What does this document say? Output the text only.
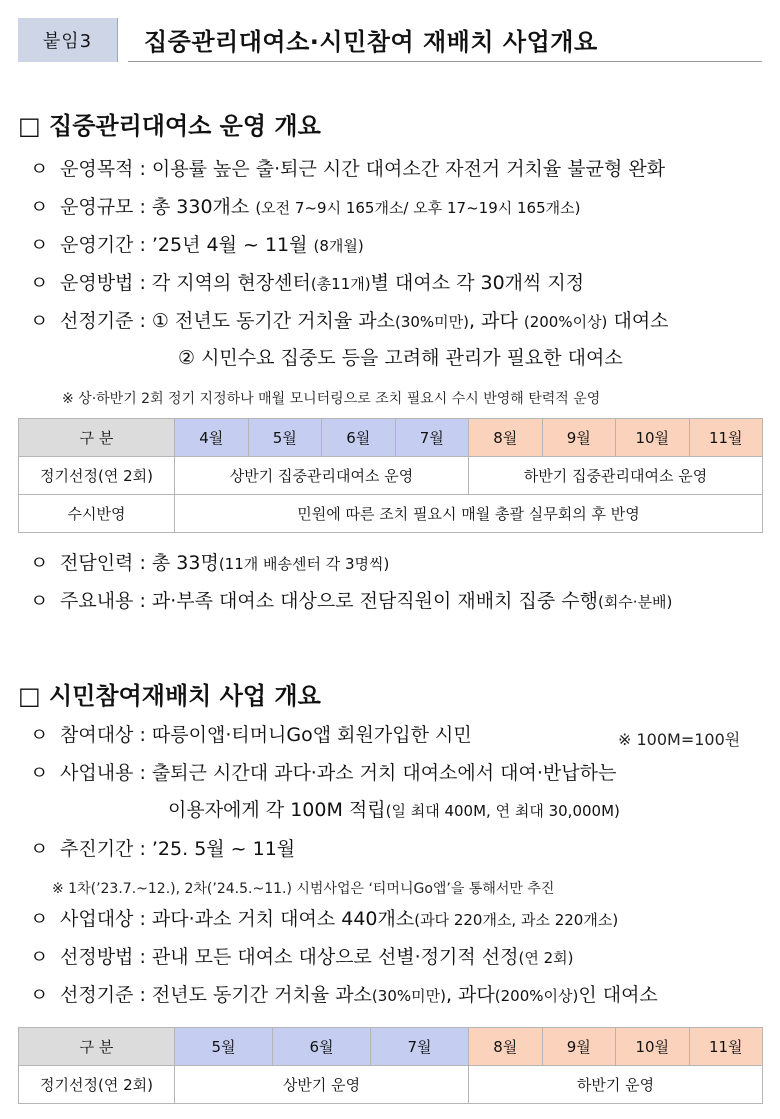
붙임3	집중관리대여소·시민참여 재배치 사업개요
□ 집중관리대여소 운영 개요
ㅇ 운영목적 : 이용률 높은 출·퇴근 시간 대여소간 자전거 거치율 불균형 완화
ㅇ 운영규모 : 총 330개소 (오전 7~9시 165개소/ 오후 17~19시 165개소)
ㅇ 운영기간 : ’25년 4월 ~ 11월 (8개월)
ㅇ 운영방법 : 각 지역의 현장센터(총11개)별 대여소 각 30개씩 지정
ㅇ 선정기준 : ① 전년도 동기간 거치율 과소(30%미만), 과다 (200%이상) 대여소
② 시민수요 집중도 등을 고려해 관리가 필요한 대여소
※ 상·하반기 2회 정기 지정하나 매월 모니터링으로 조치 필요시 수시 반영해 탄력적 운영
구 분	4월	5월	6월	7월	8월	9월	10월	11월
정기선정(연 2회)	상반기 집중관리대여소 운영				하반기 집중관리대여소 운영			
수시반영	민원에 따른 조치 필요시 매월 총괄 실무회의 후 반영							
ㅇ 전담인력 : 총 33명(11개 배송센터 각 3명씩)
ㅇ 주요내용 : 과·부족 대여소 대상으로 전담직원이 재배치 집중 수행(회수·분배)
□ 시민참여재배치 사업 개요
ㅇ 참여대상 : 따릉이앱·티머니Go앱 회원가입한 시민	※ 100M=100원
ㅇ 사업내용 : 출퇴근 시간대 과다·과소 거치 대여소에서 대여·반납하는
이용자에게 각 100M 적립(일 최대 400M, 연 최대 30,000M)
ㅇ 추진기간 : ’25. 5월 ~ 11월
※ 1차(’23.7.~12.), 2차(’24.5.~11.) 시범사업은 ‘티머니Go앱’을 통해서만 추진
ㅇ 사업대상 : 과다·과소 거치 대여소 440개소(과다 220개소, 과소 220개소)
ㅇ 선정방법 : 관내 모든 대여소 대상으로 선별·정기적 선정(연 2회)
ㅇ 선정기준 : 전년도 동기간 거치율 과소(30%미만), 과다(200%이상)인 대여소
구 분	5월	6월	7월	8월	9월	10월	11월
정기선정(연 2회)	상반기 운영			하반기 운영			
